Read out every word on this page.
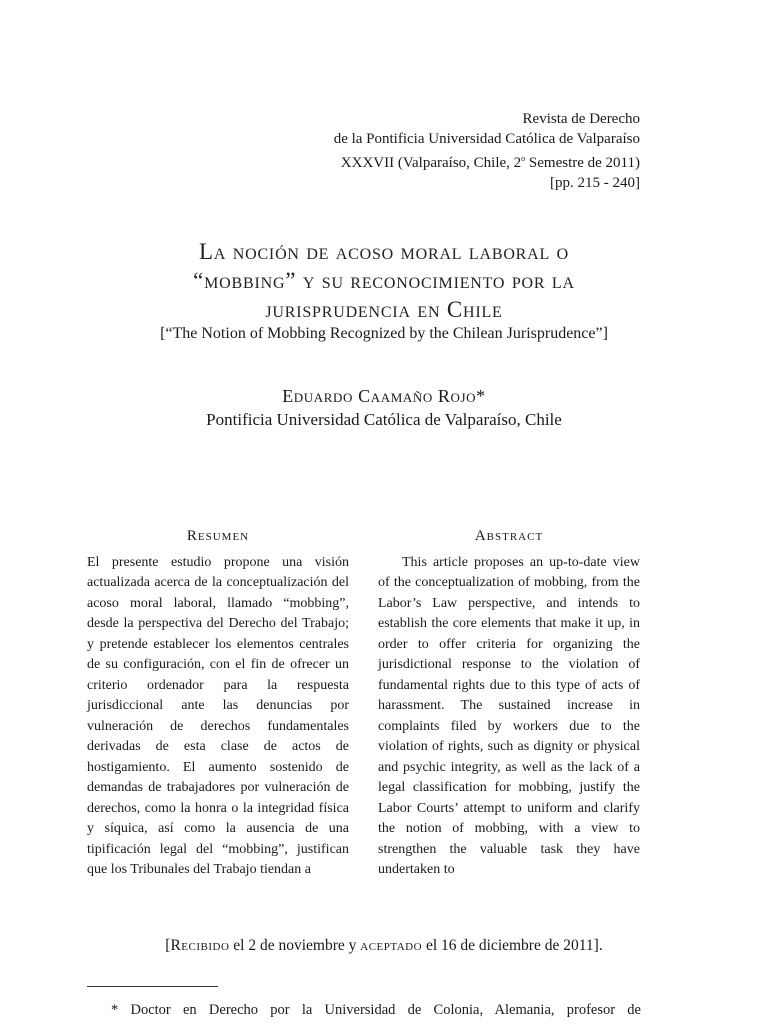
Revista de Derecho
de la Pontificia Universidad Católica de Valparaíso
XXXVII (Valparaíso, Chile, 2$^o$ Semestre de 2011)
[pp. 215 - 240]
La noción de acoso moral laboral o
“mobbing” y su reconocimiento por la
jurisprudencia en Chile
[“The Notion of Mobbing Recognized by the Chilean Jurisprudence”]
Eduardo Caamaño Rojo*
Pontificia Universidad Católica de Valparaíso, Chile
Resumen
El presente estudio propone una visión actualizada acerca de la conceptualización del acoso moral laboral, llamado “mobbing”, desde la perspectiva del Derecho del Trabajo; y pretende establecer los elementos centrales de su configuración, con el fin de ofrecer un criterio ordenador para la respuesta jurisdiccional ante las denuncias por vulneración de derechos fundamentales derivadas de esta clase de actos de hostigamiento. El aumento sostenido de demandas de trabajadores por vulneración de derechos, como la honra o la integridad física y síquica, así como la ausencia de una tipificación legal del “mobbing”, justifican que los Tribunales del Trabajo tiendan a
Abstract
This article proposes an up-to-date view of the conceptualization of mobbing, from the Labor’s Law perspective, and intends to establish the core elements that make it up, in order to offer criteria for organizing the jurisdictional response to the violation of fundamental rights due to this type of acts of harassment. The sustained increase in complaints filed by workers due to the violation of rights, such as dignity or physical and psychic integrity, as well as the lack of a legal classification for mobbing, justify the Labor Courts’ attempt to uniform and clarify the notion of mobbing, with a view to strengthen the valuable task they have undertaken to
[Recibido el 2 de noviembre y aceptado el 16 de diciembre de 2011].
* Doctor en Derecho por la Universidad de Colonia, Alemania, profesor de
